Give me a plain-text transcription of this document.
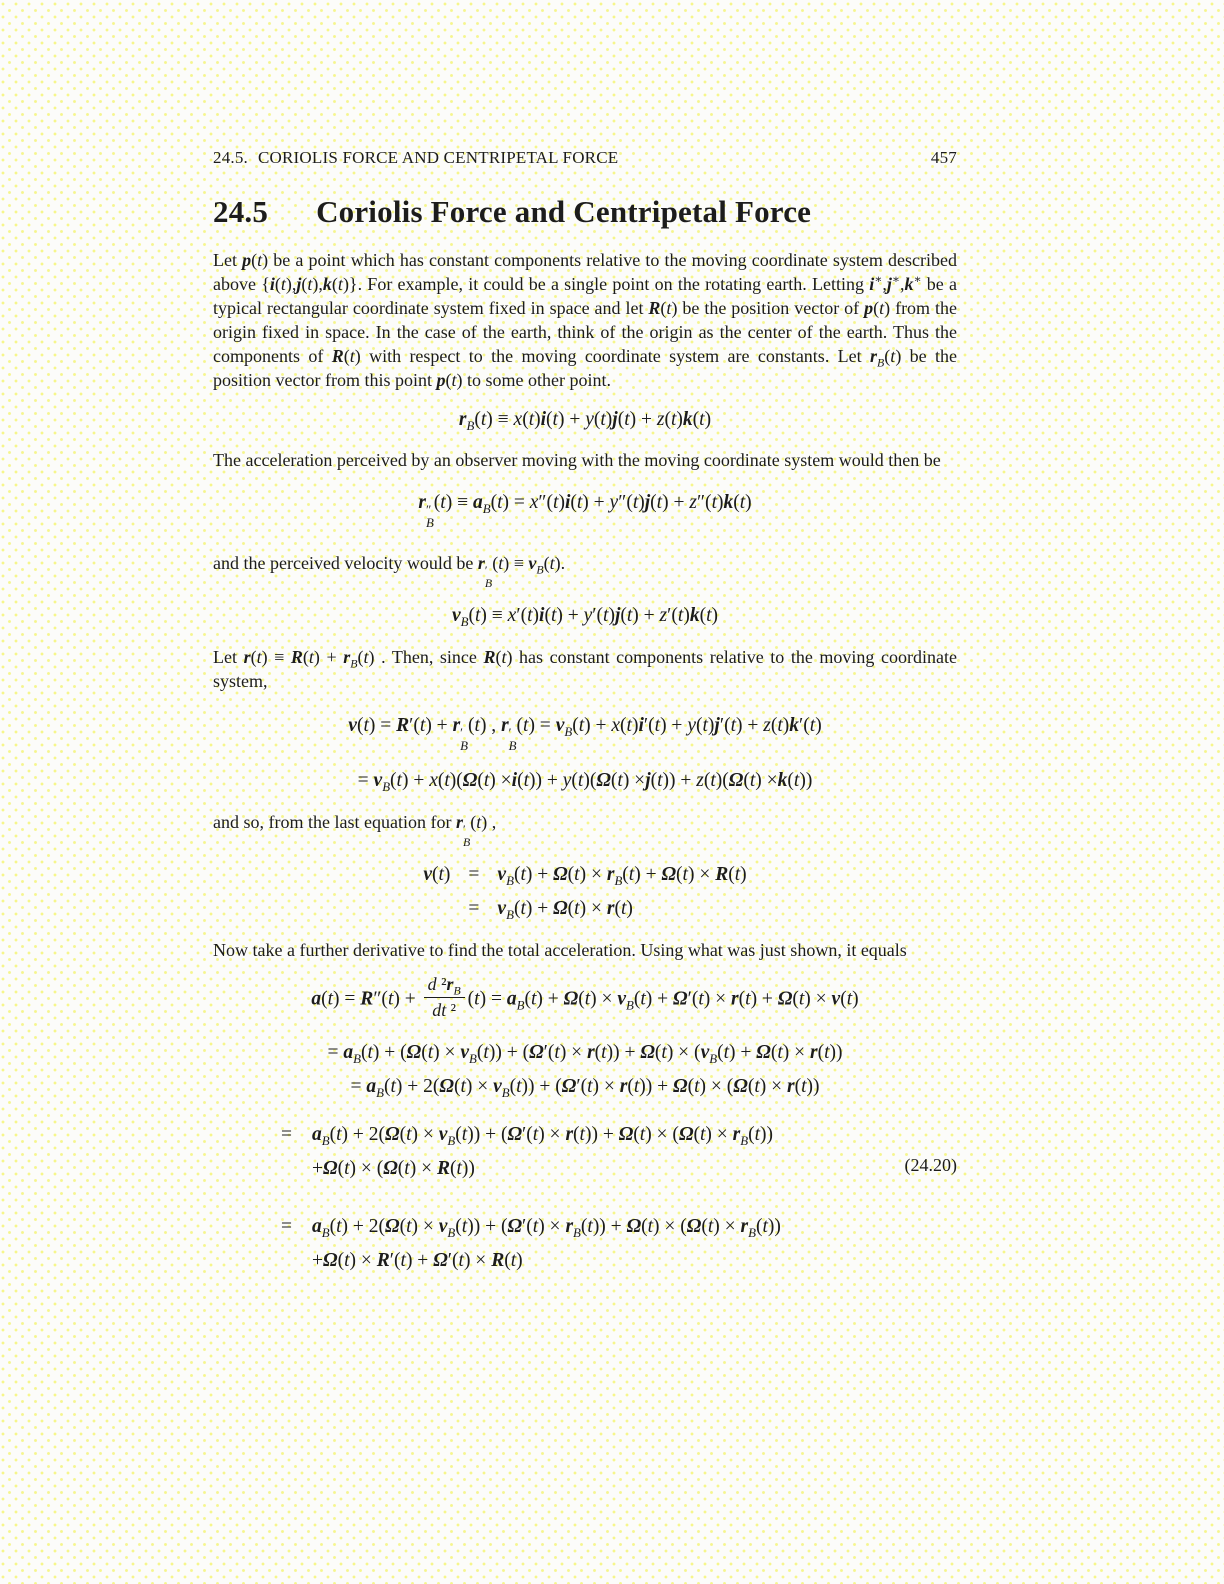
24.5. CORIOLIS FORCE AND CENTRIPETAL FORCE	457
24.5 Coriolis Force and Centripetal Force
Let p(t) be a point which has constant components relative to the moving coordinate system described above {i(t),j(t),k(t)}. For example, it could be a single point on the rotating earth. Letting i∗,j∗,k∗ be a typical rectangular coordinate system fixed in space and let R(t) be the position vector of p(t) from the origin fixed in space. In the case of the earth, think of the origin as the center of the earth. Thus the components of R(t) with respect to the moving coordinate system are constants. Let $r_B(t)$ be the position vector from this point p(t) to some other point.
$r_B(t) \equiv x(t)i(t) + y(t)j(t) + z(t)k(t)$
The acceleration perceived by an observer moving with the moving coordinate system would then be
r ″
B
$(t) \equiv a_B(t) = x''(t)i(t) + y''(t)j(t) + z''(t)k(t)$
and the perceived velocity would be r ′
B
$(t) \equiv v_B(t)$.
$v_B(t) \equiv x'(t)i(t) + y'(t)j(t) + z'(t)k(t)$
Let $r(t) \equiv R(t) + r_B(t)$ . Then, since R(t) has constant components relative to the moving coordinate system,
v(t) = R′(t) + r ′
B
(t) , r ′
B
$(t) = v_B(t) + x(t)i'(t) + y(t)j'(t) + z(t)k'(t)$
= $v_B(t) + x(t)(\Omega(t) \times i(t)) + y(t)(\Omega(t) \times j(t)) + z(t)(\Omega(t) \times k(t))$
and so, from the last equation for r ′
B
(t) ,
$v(t) = v_B(t) + \Omega(t) \times r_B(t) + \Omega(t) \times R(t)$
= $v_B(t) + \Omega(t) \times r(t)$
Now take a further derivative to find the total acceleration. Using what was just shown, it equals
$a(t) = R''(t) + \frac{d ^2r_B}{\text{dt ²}} (t) = a_B(t) + \Omega(t) \times v_B(t) + \Omega'(t) \times r(t) + \Omega(t) \times v(t)$
= $a_B(t) + (\Omega(t) \times v_B(t)) + (\Omega'(t) \times r(t)) + \Omega(t) \times (v_B(t) + \Omega(t) \times r(t))$
= $a_B(t) + 2(\Omega(t) \times v_B(t)) + (\Omega'(t) \times r(t)) + \Omega(t) \times (\Omega(t) \times r(t))$
= $a_B(t) + 2(\Omega(t) \times v_B(t)) + (\Omega'(t) \times r(t)) + \Omega(t) \times (\Omega(t) \times r_B(t))$
+Ω(t) × (Ω(t) × R(t))	(24.20)
= $a_B(t) + 2(\Omega(t) \times v_B(t)) + (\Omega'(t) \times r_B(t)) + \Omega(t) \times (\Omega(t) \times r_B(t))$
+Ω(t) × R′(t) + Ω′(t) × R(t)
